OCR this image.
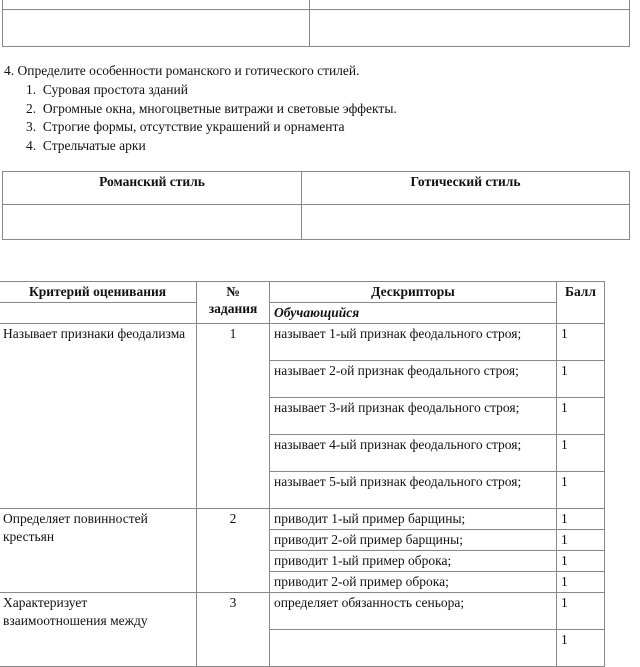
4. Определите особенности романского и готического стилей.
1.  Суровая простота зданий
2.  Огромные окна, многоцветные витражи и световые эффекты.
3.  Строгие формы, отсутствие украшений и орнамента
4.  Стрельчатые арки
Романский стиль	Готический стиль

Критерий оценивания	№ задания	Дескрипторы	Балл
		Обучающийся	
Называет признаки феодализма	1	называет 1-ый признак феодального строя;	1
		называет 2-ой признак феодального строя;	1
		называет 3-ий признак феодального строя;	1
		называет 4-ый признак феодального строя;	1
		называет 5-ый признак феодального строя;	1
Определяет повинностей крестьян	2	приводит 1-ый пример барщины;	1
		приводит 2-ой пример барщины;	1
		приводит 1-ый пример оброка;	1
		приводит 2-ой пример оброка;	1
Характеризует взаимоотношения между	3	определяет обязанность сеньора;	1
			1
